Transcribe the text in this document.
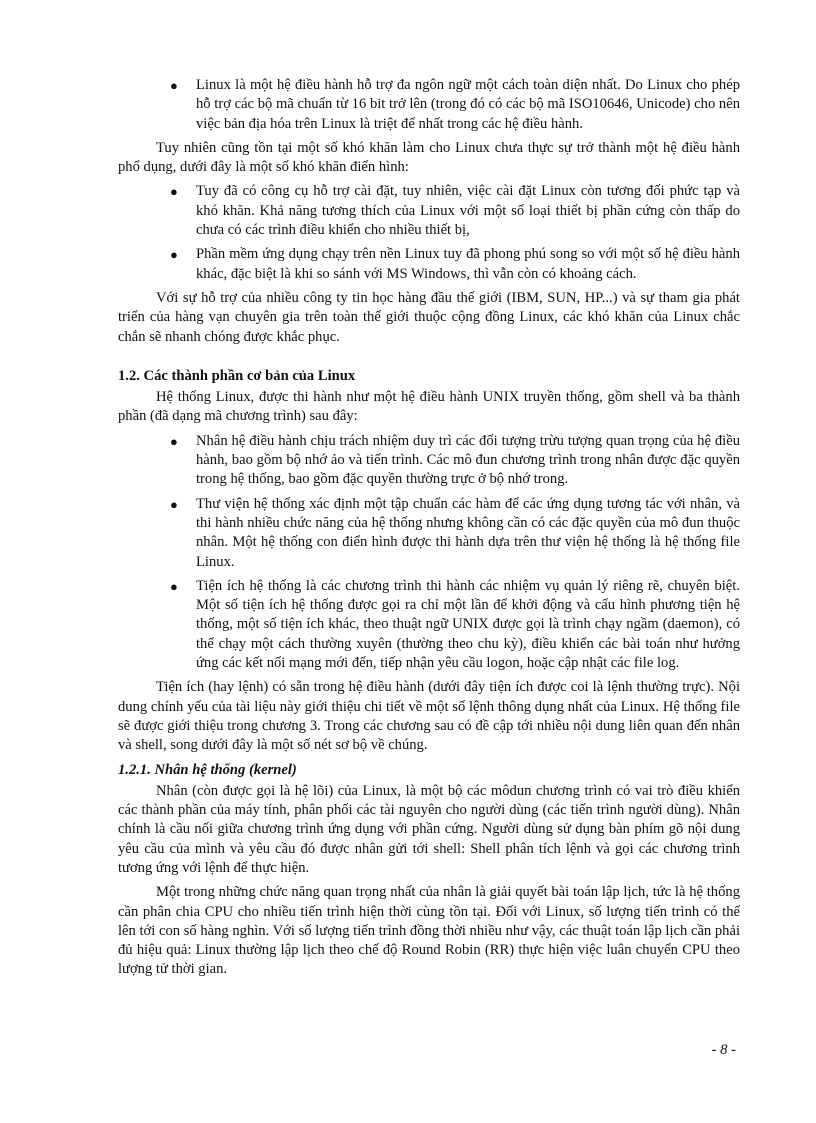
● Linux là một hệ điều hành hỗ trợ đa ngôn ngữ một cách toàn diện nhất. Do Linux cho phép hỗ trợ các bộ mã chuẩn từ 16 bit trở lên (trong đó có các bộ mã ISO10646, Unicode) cho nên việc bản địa hóa trên Linux là triệt để nhất trong các hệ điều hành.

Tuy nhiên cũng tồn tại một số khó khăn làm cho Linux chưa thực sự trở thành một hệ điều hành phổ dụng, dưới đây là một số khó khăn điển hình:

● Tuy đã có công cụ hỗ trợ cài đặt, tuy nhiên, việc cài đặt Linux còn tương đối phức tạp và khó khăn. Khả năng tương thích của Linux với một số loại thiết bị phần cứng còn thấp do chưa có các trình điều khiển cho nhiều thiết bị,
● Phần mềm ứng dụng chạy trên nền Linux tuy đã phong phú song so với một số hệ điều hành khác, đặc biệt là khi so sánh với MS Windows, thì vẫn còn có khoảng cách.

Với sự hỗ trợ của nhiều công ty tin học hàng đầu thế giới (IBM, SUN, HP...) và sự tham gia phát triển của hàng vạn chuyên gia trên toàn thế giới thuộc cộng đồng Linux, các khó khăn của Linux chắc chắn sẽ nhanh chóng được khắc phục.

1.2. Các thành phần cơ bản của Linux

Hệ thống Linux, được thi hành như một hệ điều hành UNIX truyền thống, gồm shell và ba thành phần (đã dạng mã chương trình) sau đây:

● Nhân hệ điều hành chịu trách nhiệm duy trì các đối tượng trừu tượng quan trọng của hệ điều hành, bao gồm bộ nhớ ảo và tiến trình. Các mô đun chương trình trong nhân được đặc quyền trong hệ thống, bao gồm đặc quyền thường trực ở bộ nhớ trong.
● Thư viện hệ thống xác định một tập chuẩn các hàm để các ứng dụng tương tác với nhân, và thi hành nhiều chức năng của hệ thống nhưng không cần có các đặc quyền của mô đun thuộc nhân. Một hệ thống con điển hình được thi hành dựa trên thư viện hệ thống là hệ thống file Linux.
● Tiện ích hệ thống là các chương trình thi hành các nhiệm vụ quản lý riêng rẽ, chuyên biệt. Một số tiện ích hệ thống được gọi ra chỉ một lần để khởi động và cấu hình phương tiện hệ thống, một số tiện ích khác, theo thuật ngữ UNIX được gọi là trình chạy ngầm (daemon), có thể chạy một cách thường xuyên (thường theo chu kỳ), điều khiển các bài toán như hưởng ứng các kết nối mạng mới đến, tiếp nhận yêu cầu logon, hoặc cập nhật các file log.

Tiện ích (hay lệnh) có sẵn trong hệ điều hành (dưới đây tiện ích được coi là lệnh thường trực). Nội dung chính yếu của tài liệu này giới thiệu chi tiết về một số lệnh thông dụng nhất của Linux. Hệ thống file sẽ được giới thiệu trong chương 3. Trong các chương sau có đề cập tới nhiều nội dung liên quan đến nhân và shell, song dưới đây là một số nét sơ bộ về chúng.

1.2.1. Nhân hệ thống (kernel)

Nhân (còn được gọi là hệ lõi) của Linux, là một bộ các môdun chương trình có vai trò điều khiển các thành phần của máy tính, phân phối các tài nguyên cho người dùng (các tiến trình người dùng). Nhân chính là cầu nối giữa chương trình ứng dụng với phần cứng. Người dùng sử dụng bàn phím gõ nội dung yêu cầu của mình và yêu cầu đó được nhân gửi tới shell: Shell phân tích lệnh và gọi các chương trình tương ứng với lệnh để thực hiện.

Một trong những chức năng quan trọng nhất của nhân là giải quyết bài toán lập lịch, tức là hệ thống cần phân chia CPU cho nhiều tiến trình hiện thời cùng tồn tại. Đối với Linux, số lượng tiến trình có thể lên tới con số hàng nghìn. Với số lượng tiến trình đồng thời nhiều như vậy, các thuật toán lập lịch cần phải đủ hiệu quả: Linux thường lập lịch theo chế độ Round Robin (RR) thực hiện việc luân chuyển CPU theo lượng tử thời gian.

- 8 -
